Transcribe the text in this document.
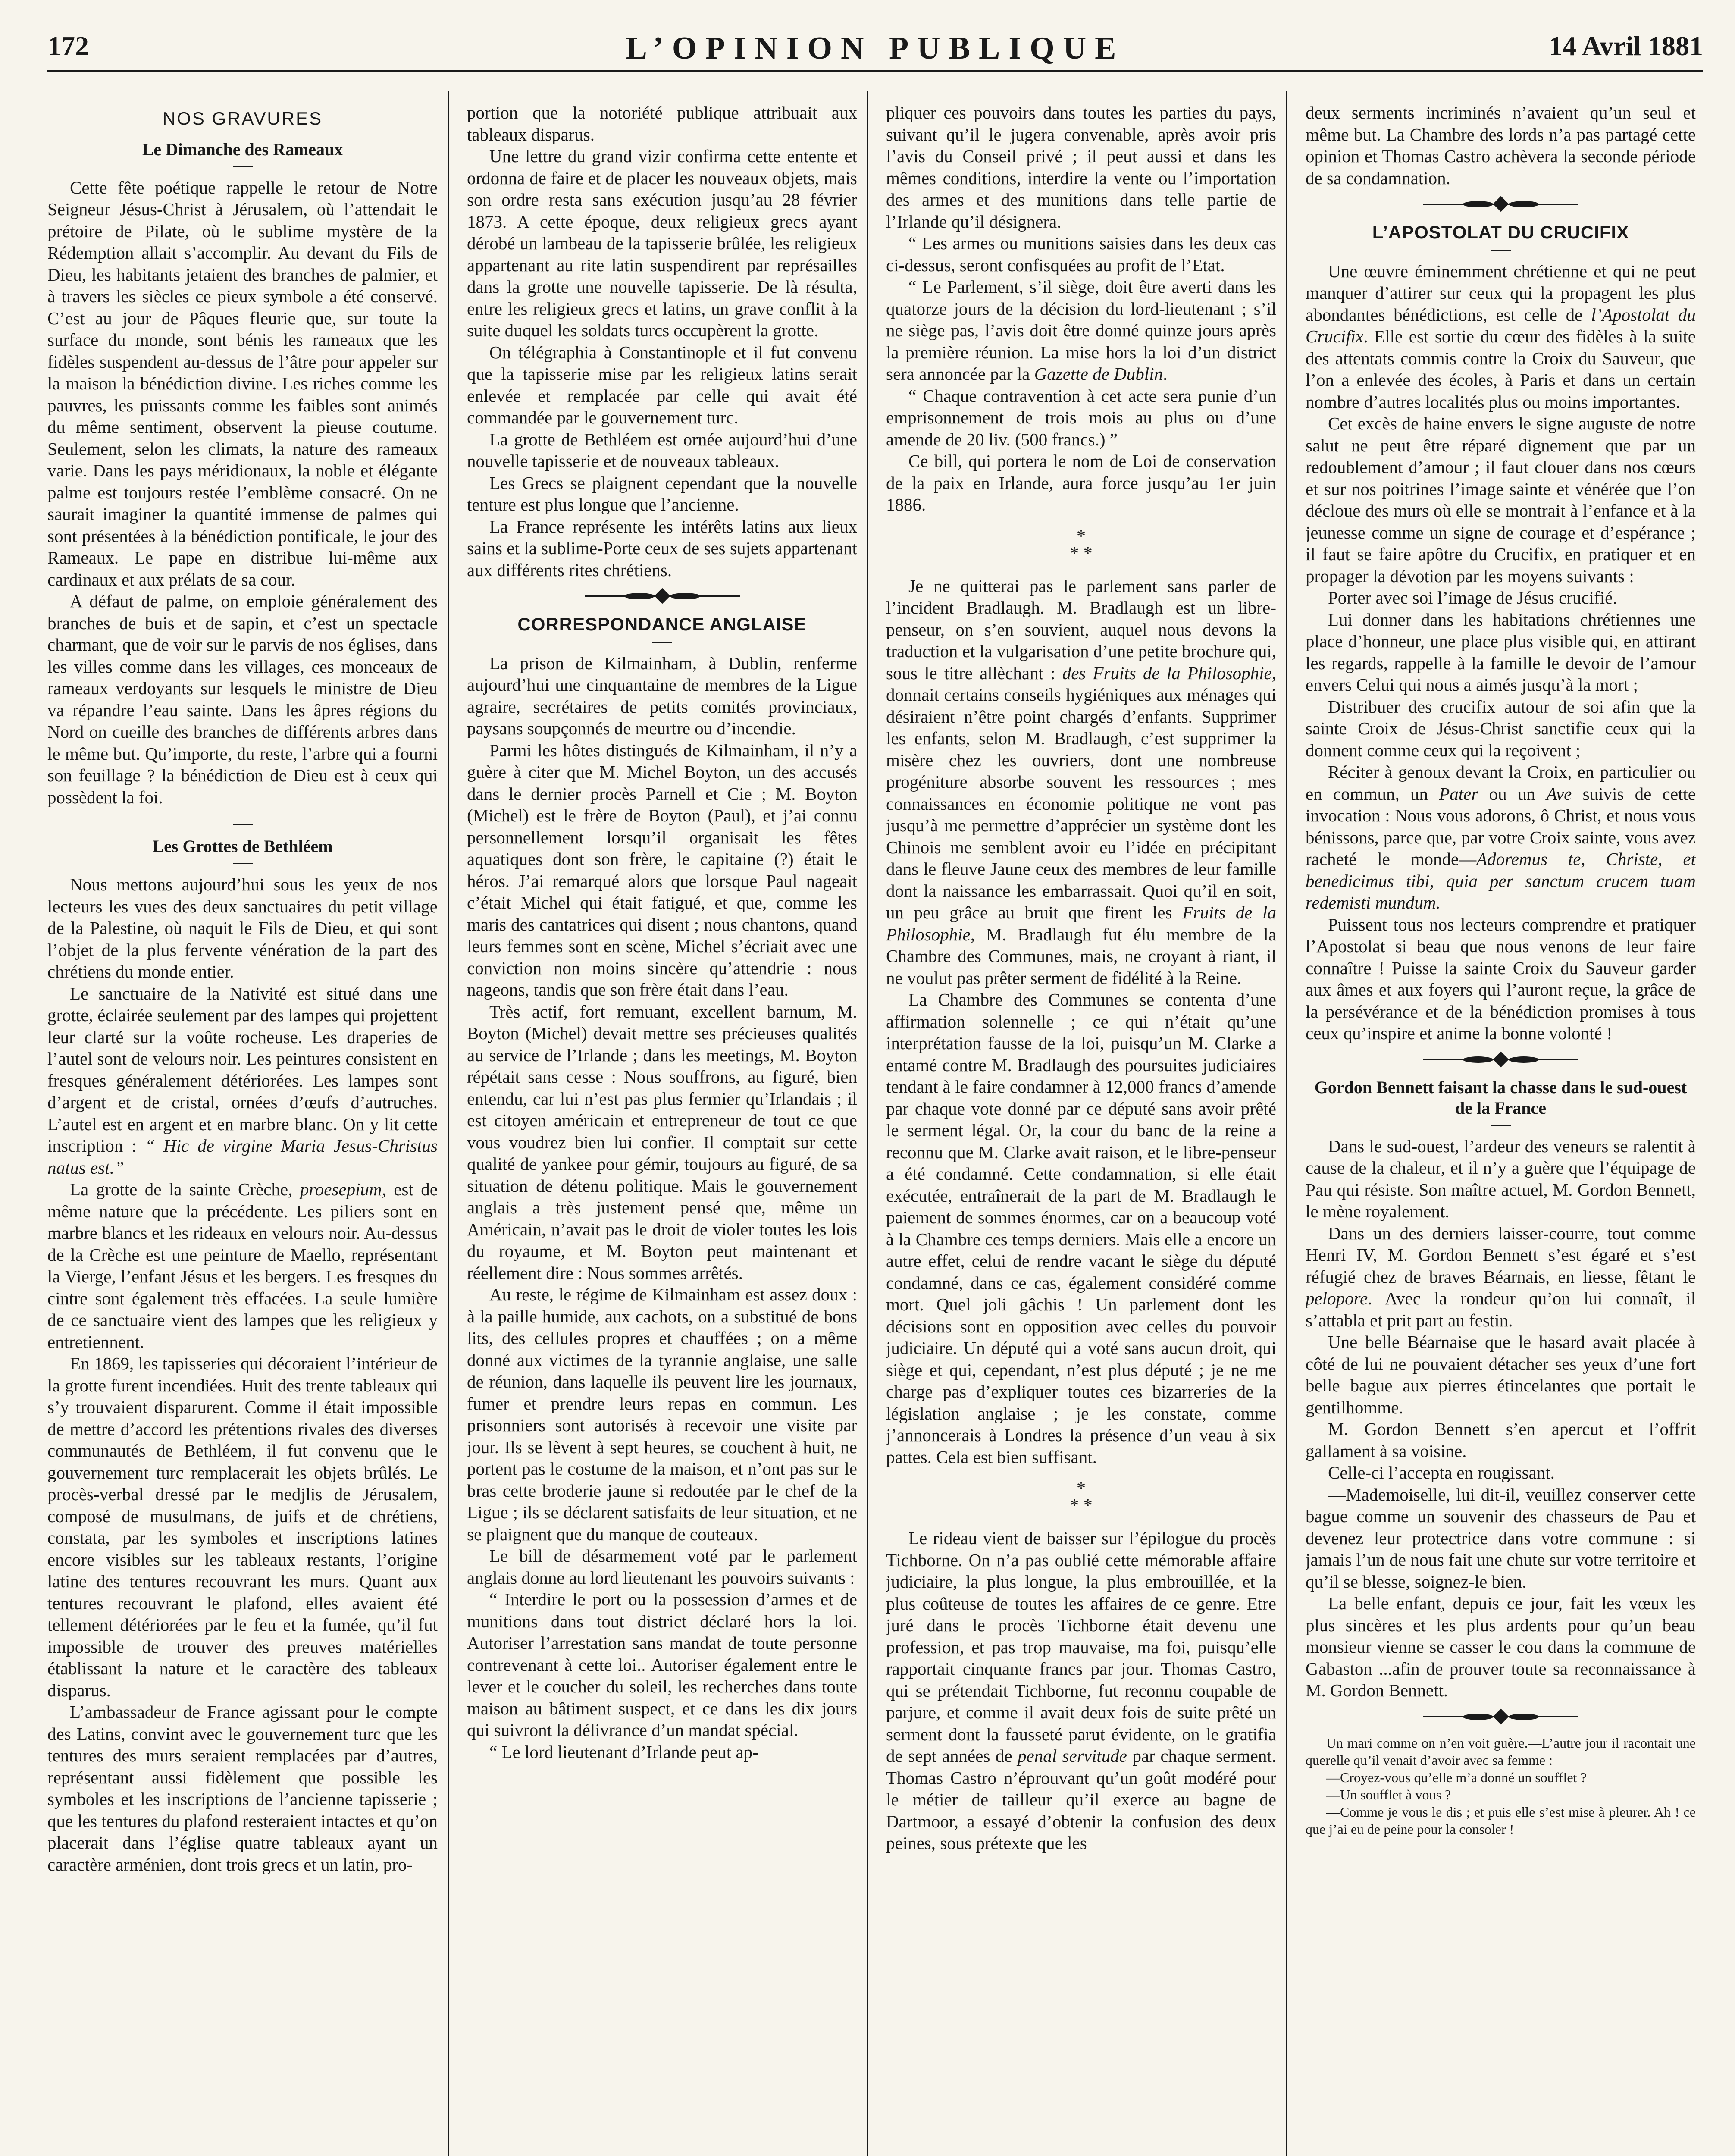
172	L’OPINION PUBLIQUE	14 Avril 1881
NOS GRAVURES
Le Dimanche des Rameaux

Cette fête poétique rappelle le retour de Notre Seigneur Jésus-Christ à Jérusalem, où l’attendait le prétoire de Pilate, où le sublime mystère de la Rédemption allait s’accomplir. Au devant du Fils de Dieu, les habitants jetaient des branches de palmier, et à travers les siècles ce pieux symbole a été conservé. C’est au jour de Pâques fleurie que, sur toute la surface du monde, sont bénis les rameaux que les fidèles suspendent au-dessus de l’âtre pour appeler sur la maison la bénédiction divine. Les riches comme les pauvres, les puissants comme les faibles sont animés du même sentiment, observent la pieuse coutume. Seulement, selon les climats, la nature des rameaux varie. Dans les pays méridionaux, la noble et élégante palme est toujours restée l’emblème consacré. On ne saurait imaginer la quantité immense de palmes qui sont présentées à la bénédiction pontificale, le jour des Rameaux. Le pape en distribue lui-même aux cardinaux et aux prélats de sa cour.

A défaut de palme, on emploie généralement des branches de buis et de sapin, et c’est un spectacle charmant, que de voir sur le parvis de nos églises, dans les villes comme dans les villages, ces monceaux de rameaux verdoyants sur lesquels le ministre de Dieu va répandre l’eau sainte. Dans les âpres régions du Nord on cueille des branches de différents arbres dans le même but. Qu’importe, du reste, l’arbre qui a fourni son feuillage ? la bénédiction de Dieu est à ceux qui possèdent la foi.

Les Grottes de Bethléem

Nous mettons aujourd’hui sous les yeux de nos lecteurs les vues des deux sanctuaires du petit village de la Palestine, où naquit le Fils de Dieu, et qui sont l’objet de la plus fervente vénération de la part des chrétiens du monde entier.

Le sanctuaire de la Nativité est situé dans une grotte, éclairée seulement par des lampes qui projettent leur clarté sur la voûte rocheuse. Les draperies de l’autel sont de velours noir. Les peintures consistent en fresques généralement détériorées. Les lampes sont d’argent et de cristal, ornées d’œufs d’autruches. L’autel est en argent et en marbre blanc. On y lit cette inscription : “ Hic de virgine Maria Jesus-Christus natus est.”

La grotte de la sainte Crèche, proesepium, est de même nature que la précédente. Les piliers sont en marbre blancs et les rideaux en velours noir. Au-dessus de la Crèche est une peinture de Maello, représentant la Vierge, l’enfant Jésus et les bergers. Les fresques du cintre sont également très effacées. La seule lumière de ce sanctuaire vient des lampes que les religieux y entretiennent.

En 1869, les tapisseries qui décoraient l’intérieur de la grotte furent incendiées. Huit des trente tableaux qui s’y trouvaient disparurent. Comme il était impossible de mettre d’accord les prétentions rivales des diverses communautés de Bethléem, il fut convenu que le gouvernement turc remplacerait les objets brûlés. Le procès-verbal dressé par le medjlis de Jérusalem, composé de musulmans, de juifs et de chrétiens, constata, par les symboles et inscriptions latines encore visibles sur les tableaux restants, l’origine latine des tentures recouvrant les murs. Quant aux tentures recouvrant le plafond, elles avaient été tellement détériorées par le feu et la fumée, qu’il fut impossible de trouver des preuves matérielles établissant la nature et le caractère des tableaux disparus.

L’ambassadeur de France agissant pour le compte des Latins, convint avec le gouvernement turc que les tentures des murs seraient remplacées par d’autres, représentant aussi fidèlement que possible les symboles et les inscriptions de l’ancienne tapisserie ; que les tentures du plafond resteraient intactes et qu’on placerait dans l’église quatre tableaux ayant un caractère arménien, dont trois grecs et un latin, pro-

portion que la notoriété publique attribuait aux tableaux disparus.

Une lettre du grand vizir confirma cette entente et ordonna de faire et de placer les nouveaux objets, mais son ordre resta sans exécution jusqu’au 28 février 1873. A cette époque, deux religieux grecs ayant dérobé un lambeau de la tapisserie brûlée, les religieux appartenant au rite latin suspendirent par représailles dans la grotte une nouvelle tapisserie. De là résulta, entre les religieux grecs et latins, un grave conflit à la suite duquel les soldats turcs occupèrent la grotte.

On télégraphia à Constantinople et il fut convenu que la tapisserie mise par les religieux latins serait enlevée et remplacée par celle qui avait été commandée par le gouvernement turc.

La grotte de Bethléem est ornée aujourd’hui d’une nouvelle tapisserie et de nouveaux tableaux.

Les Grecs se plaignent cependant que la nouvelle tenture est plus longue que l’ancienne.

La France représente les intérêts latins aux lieux sains et la sublime-Porte ceux de ses sujets appartenant aux différents rites chrétiens.

CORRESPONDANCE ANGLAISE

La prison de Kilmainham, à Dublin, renferme aujourd’hui une cinquantaine de membres de la Ligue agraire, secrétaires de petits comités provinciaux, paysans soupçonnés de meurtre ou d’incendie.

Parmi les hôtes distingués de Kilmainham, il n’y a guère à citer que M. Michel Boyton, un des accusés dans le dernier procès Parnell et Cie ; M. Boyton (Michel) est le frère de Boyton (Paul), et j’ai connu personnellement lorsqu’il organisait les fêtes aquatiques dont son frère, le capitaine (?) était le héros. J’ai remarqué alors que lorsque Paul nageait c’était Michel qui était fatigué, et que, comme les maris des cantatrices qui disent ; nous chantons, quand leurs femmes sont en scène, Michel s’écriait avec une conviction non moins sincère qu’attendrie : nous nageons, tandis que son frère était dans l’eau.

Très actif, fort remuant, excellent barnum, M. Boyton (Michel) devait mettre ses précieuses qualités au service de l’Irlande ; dans les meetings, M. Boyton répétait sans cesse : Nous souffrons, au figuré, bien entendu, car lui n’est pas plus fermier qu’Irlandais ; il est citoyen américain et entrepreneur de tout ce que vous voudrez bien lui confier. Il comptait sur cette qualité de yankee pour gémir, toujours au figuré, de sa situation de détenu politique. Mais le gouvernement anglais a très justement pensé que, même un Américain, n’avait pas le droit de violer toutes les lois du royaume, et M. Boyton peut maintenant et réellement dire : Nous sommes arrêtés.

Au reste, le régime de Kilmainham est assez doux : à la paille humide, aux cachots, on a substitué de bons lits, des cellules propres et chauffées ; on a même donné aux victimes de la tyrannie anglaise, une salle de réunion, dans laquelle ils peuvent lire les journaux, fumer et prendre leurs repas en commun. Les prisonniers sont autorisés à recevoir une visite par jour. Ils se lèvent à sept heures, se couchent à huit, ne portent pas le costume de la maison, et n’ont pas sur le bras cette broderie jaune si redoutée par le chef de la Ligue ; ils se déclarent satisfaits de leur situation, et ne se plaignent que du manque de couteaux.

Le bill de désarmement voté par le parlement anglais donne au lord lieutenant les pouvoirs suivants :

“ Interdire le port ou la possession d’armes et de munitions dans tout district déclaré hors la loi. Autoriser l’arrestation sans mandat de toute personne contrevenant à cette loi.. Autoriser également entre le lever et le coucher du soleil, les recherches dans toute maison au bâtiment suspect, et ce dans les dix jours qui suivront la délivrance d’un mandat spécial.

“ Le lord lieutenant d’Irlande peut ap-

pliquer ces pouvoirs dans toutes les parties du pays, suivant qu’il le jugera convenable, après avoir pris l’avis du Conseil privé ; il peut aussi et dans les mêmes conditions, interdire la vente ou l’importation des armes et des munitions dans telle partie de l’Irlande qu’il désignera.

“ Les armes ou munitions saisies dans les deux cas ci-dessus, seront confisquées au profit de l’Etat.

“ Le Parlement, s’il siège, doit être averti dans les quatorze jours de la décision du lord-lieutenant ; s’il ne siège pas, l’avis doit être donné quinze jours après la première réunion. La mise hors la loi d’un district sera annoncée par la Gazette de Dublin.

“ Chaque contravention à cet acte sera punie d’un emprisonnement de trois mois au plus ou d’une amende de 20 liv. (500 francs.) ”

Ce bill, qui portera le nom de Loi de conservation de la paix en Irlande, aura force jusqu’au 1er juin 1886.

*
* *

Je ne quitterai pas le parlement sans parler de l’incident Bradlaugh. M. Bradlaugh est un libre-penseur, on s’en souvient, auquel nous devons la traduction et la vulgarisation d’une petite brochure qui, sous le titre allèchant : des Fruits de la Philosophie, donnait certains conseils hygiéniques aux ménages qui désiraient n’être point chargés d’enfants. Supprimer les enfants, selon M. Bradlaugh, c’est supprimer la misère chez les ouvriers, dont une nombreuse progéniture absorbe souvent les ressources ; mes connaissances en économie politique ne vont pas jusqu’à me permettre d’apprécier un système dont les Chinois me semblent avoir eu l’idée en précipitant dans le fleuve Jaune ceux des membres de leur famille dont la naissance les embarrassait. Quoi qu’il en soit, un peu grâce au bruit que firent les Fruits de la Philosophie, M. Bradlaugh fut élu membre de la Chambre des Communes, mais, ne croyant à riant, il ne voulut pas prêter serment de fidélité à la Reine.

La Chambre des Communes se contenta d’une affirmation solennelle ; ce qui n’était qu’une interprétation fausse de la loi, puisqu’un M. Clarke a entamé contre M. Bradlaugh des poursuites judiciaires tendant à le faire condamner à 12,000 francs d’amende par chaque vote donné par ce député sans avoir prêté le serment légal. Or, la cour du banc de la reine a reconnu que M. Clarke avait raison, et le libre-penseur a été condamné. Cette condamnation, si elle était exécutée, entraînerait de la part de M. Bradlaugh le paiement de sommes énormes, car on a beaucoup voté à la Chambre ces temps derniers. Mais elle a encore un autre effet, celui de rendre vacant le siège du député condamné, dans ce cas, également considéré comme mort. Quel joli gâchis ! Un parlement dont les décisions sont en opposition avec celles du pouvoir judiciaire. Un député qui a voté sans aucun droit, qui siège et qui, cependant, n’est plus député ; je ne me charge pas d’expliquer toutes ces bizarreries de la législation anglaise ; je les constate, comme j’annoncerais à Londres la présence d’un veau à six pattes. Cela est bien suffisant.

*
* *

Le rideau vient de baisser sur l’épilogue du procès Tichborne. On n’a pas oublié cette mémorable affaire judiciaire, la plus longue, la plus embrouillée, et la plus coûteuse de toutes les affaires de ce genre. Etre juré dans le procès Tichborne était devenu une profession, et pas trop mauvaise, ma foi, puisqu’elle rapportait cinquante francs par jour. Thomas Castro, qui se prétendait Tichborne, fut reconnu coupable de parjure, et comme il avait deux fois de suite prêté un serment dont la fausseté parut évidente, on le gratifia de sept années de penal servitude par chaque serment. Thomas Castro n’éprouvant qu’un goût modéré pour le métier de tailleur qu’il exerce au bagne de Dartmoor, a essayé d’obtenir la confusion des deux peines, sous prétexte que les

deux serments incriminés n’avaient qu’un seul et même but. La Chambre des lords n’a pas partagé cette opinion et Thomas Castro achèvera la seconde période de sa condamnation.

L’APOSTOLAT DU CRUCIFIX

Une œuvre éminemment chrétienne et qui ne peut manquer d’attirer sur ceux qui la propagent les plus abondantes bénédictions, est celle de l’Apostolat du Crucifix. Elle est sortie du cœur des fidèles à la suite des attentats commis contre la Croix du Sauveur, que l’on a enlevée des écoles, à Paris et dans un certain nombre d’autres localités plus ou moins importantes.

Cet excès de haine envers le signe auguste de notre salut ne peut être réparé dignement que par un redoublement d’amour ; il faut clouer dans nos cœurs et sur nos poitrines l’image sainte et vénérée que l’on décloue des murs où elle se montrait à l’enfance et à la jeunesse comme un signe de courage et d’espérance ; il faut se faire apôtre du Crucifix, en pratiquer et en propager la dévotion par les moyens suivants :

Porter avec soi l’image de Jésus crucifié.

Lui donner dans les habitations chrétiennes une place d’honneur, une place plus visible qui, en attirant les regards, rappelle à la famille le devoir de l’amour envers Celui qui nous a aimés jusqu’à la mort ;

Distribuer des crucifix autour de soi afin que la sainte Croix de Jésus-Christ sanctifie ceux qui la donnent comme ceux qui la reçoivent ;

Réciter à genoux devant la Croix, en particulier ou en commun, un Pater ou un Ave suivis de cette invocation : Nous vous adorons, ô Christ, et nous vous bénissons, parce que, par votre Croix sainte, vous avez racheté le monde—Adoremus te, Christe, et benedicimus tibi, quia per sanctum crucem tuam redemisti mundum.

Puissent tous nos lecteurs comprendre et pratiquer l’Apostolat si beau que nous venons de leur faire connaître ! Puisse la sainte Croix du Sauveur garder aux âmes et aux foyers qui l’auront reçue, la grâce de la persévérance et de la bénédiction promises à tous ceux qu’inspire et anime la bonne volonté !

Gordon Bennett faisant la chasse dans le sud-ouest de la France

Dans le sud-ouest, l’ardeur des veneurs se ralentit à cause de la chaleur, et il n’y a guère que l’équipage de Pau qui résiste. Son maître actuel, M. Gordon Bennett, le mène royalement.

Dans un des derniers laisser-courre, tout comme Henri IV, M. Gordon Bennett s’est égaré et s’est réfugié chez de braves Béarnais, en liesse, fêtant le pelopore. Avec la rondeur qu’on lui connaît, il s’attabla et prit part au festin.

Une belle Béarnaise que le hasard avait placée à côté de lui ne pouvaient détacher ses yeux d’une fort belle bague aux pierres étincelantes que portait le gentilhomme.

M. Gordon Bennett s’en apercut et l’offrit gallament à sa voisine.

Celle-ci l’accepta en rougissant.

—Mademoiselle, lui dit-il, veuillez conserver cette bague comme un souvenir des chasseurs de Pau et devenez leur protectrice dans votre commune : si jamais l’un de nous fait une chute sur votre territoire et qu’il se blesse, soignez-le bien.

La belle enfant, depuis ce jour, fait les vœux les plus sincères et les plus ardents pour qu’un beau monsieur vienne se casser le cou dans la commune de Gabaston ...afin de prouver toute sa reconnaissance à M. Gordon Bennett.

Un mari comme on n’en voit guère.—L’autre jour il racontait une querelle qu’il venait d’avoir avec sa femme :

—Croyez-vous qu’elle m’a donné un soufflet ?

—Un soufflet à vous ?

—Comme je vous le dis ; et puis elle s’est mise à pleurer. Ah ! ce que j’ai eu de peine pour la consoler !
